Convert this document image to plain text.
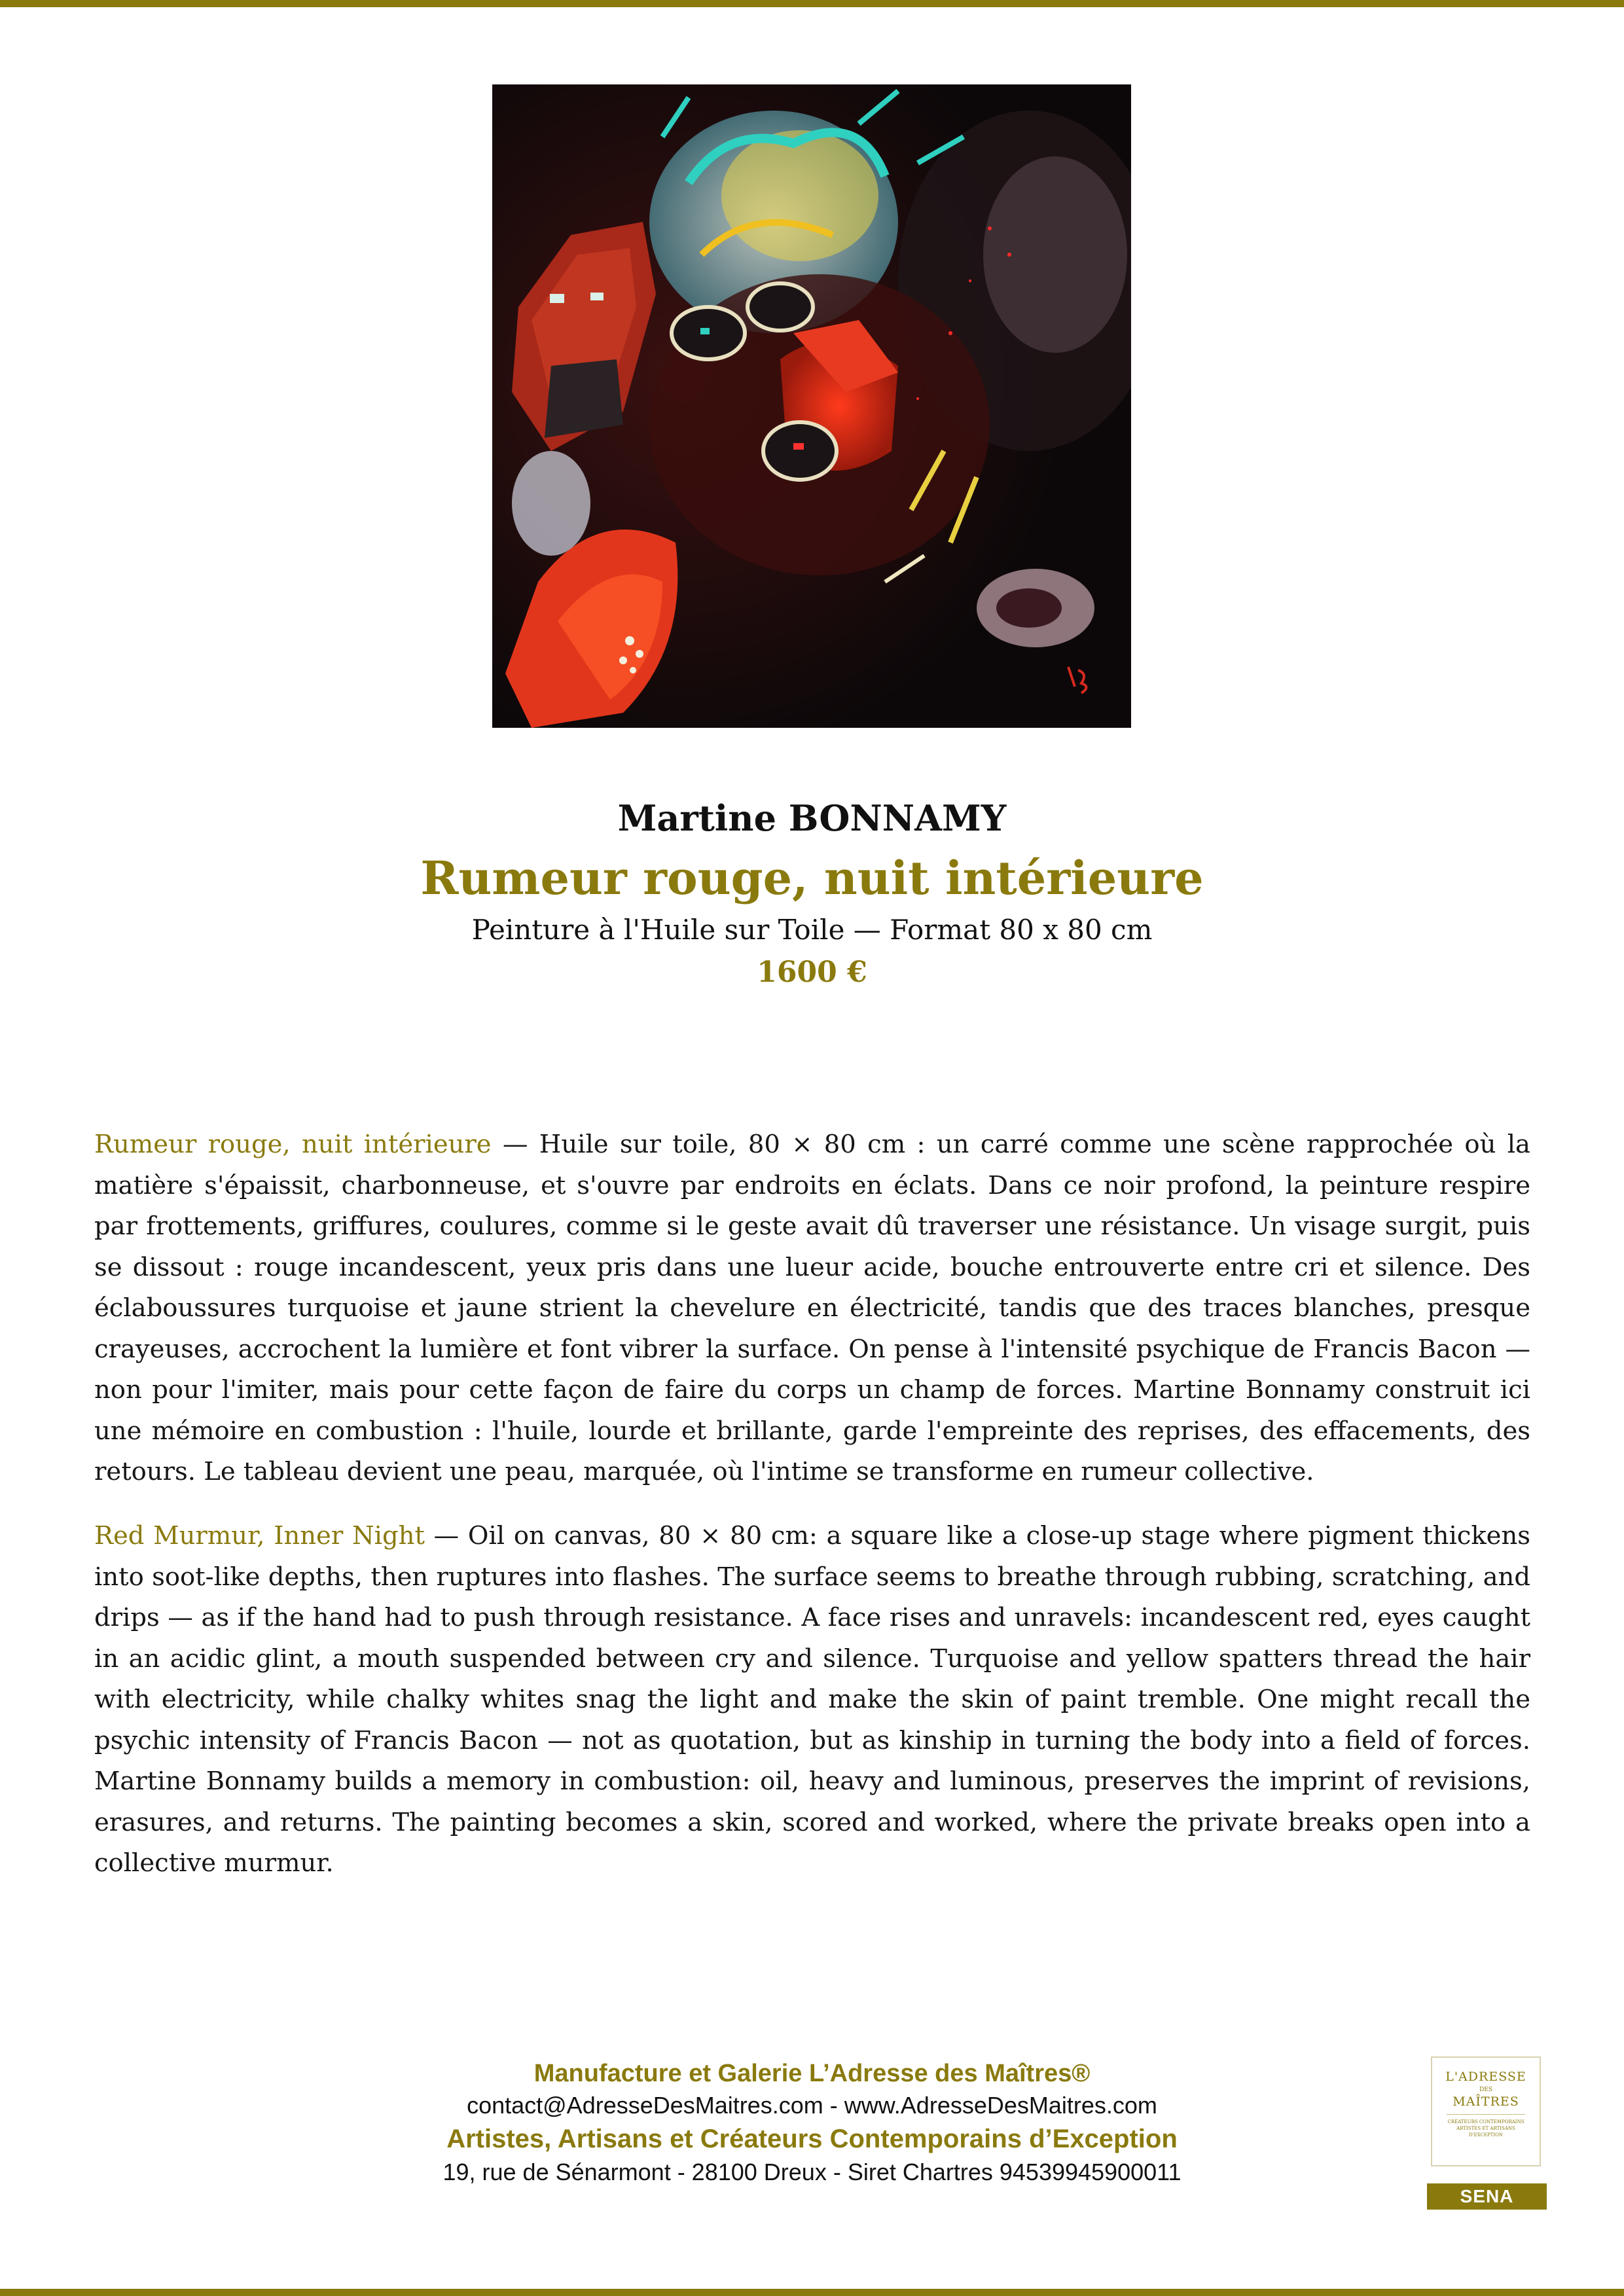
Martine BONNAMY
Rumeur rouge, nuit intérieure
Peinture à l'Huile sur Toile — Format 80 x 80 cm
1600 €
Rumeur rouge, nuit intérieure — Huile sur toile, 80 × 80 cm : un carré comme une scène rapprochée où la matière s'épaissit, charbonneuse, et s'ouvre par endroits en éclats. Dans ce noir profond, la peinture respire par frottements, griffures, coulures, comme si le geste avait dû traverser une résistance. Un visage surgit, puis se dissout : rouge incandescent, yeux pris dans une lueur acide, bouche entrouverte entre cri et silence. Des éclaboussures turquoise et jaune strient la chevelure en électricité, tandis que des traces blanches, presque crayeuses, accrochent la lumière et font vibrer la surface. On pense à l'intensité psychique de Francis Bacon — non pour l'imiter, mais pour cette façon de faire du corps un champ de forces. Martine Bonnamy construit ici une mémoire en combustion : l'huile, lourde et brillante, garde l'empreinte des reprises, des effacements, des retours. Le tableau devient une peau, marquée, où l'intime se transforme en rumeur collective.
Red Murmur, Inner Night — Oil on canvas, 80 × 80 cm: a square like a close-up stage where pigment thickens into soot-like depths, then ruptures into flashes. The surface seems to breathe through rubbing, scratching, and drips — as if the hand had to push through resistance. A face rises and unravels: incandescent red, eyes caught in an acidic glint, a mouth suspended between cry and silence. Turquoise and yellow spatters thread the hair with electricity, while chalky whites snag the light and make the skin of paint tremble. One might recall the psychic intensity of Francis Bacon — not as quotation, but as kinship in turning the body into a field of forces. Martine Bonnamy builds a memory in combustion: oil, heavy and luminous, preserves the imprint of revisions, erasures, and returns. The painting becomes a skin, scored and worked, where the private breaks open into a collective murmur.
Manufacture et Galerie L’Adresse des Maîtres®
contact@AdresseDesMaitres.com - www.AdresseDesMaitres.com
Artistes, Artisans et Créateurs Contemporains d’Exception
19, rue de Sénarmont - 28100 Dreux - Siret Chartres 94539945900011
L'ADRESSE
DES
MAÎTRES
CRÉATEURS CONTEMPORAINS ARTISTES ET ARTISANS D'EXCEPTION
SENA
